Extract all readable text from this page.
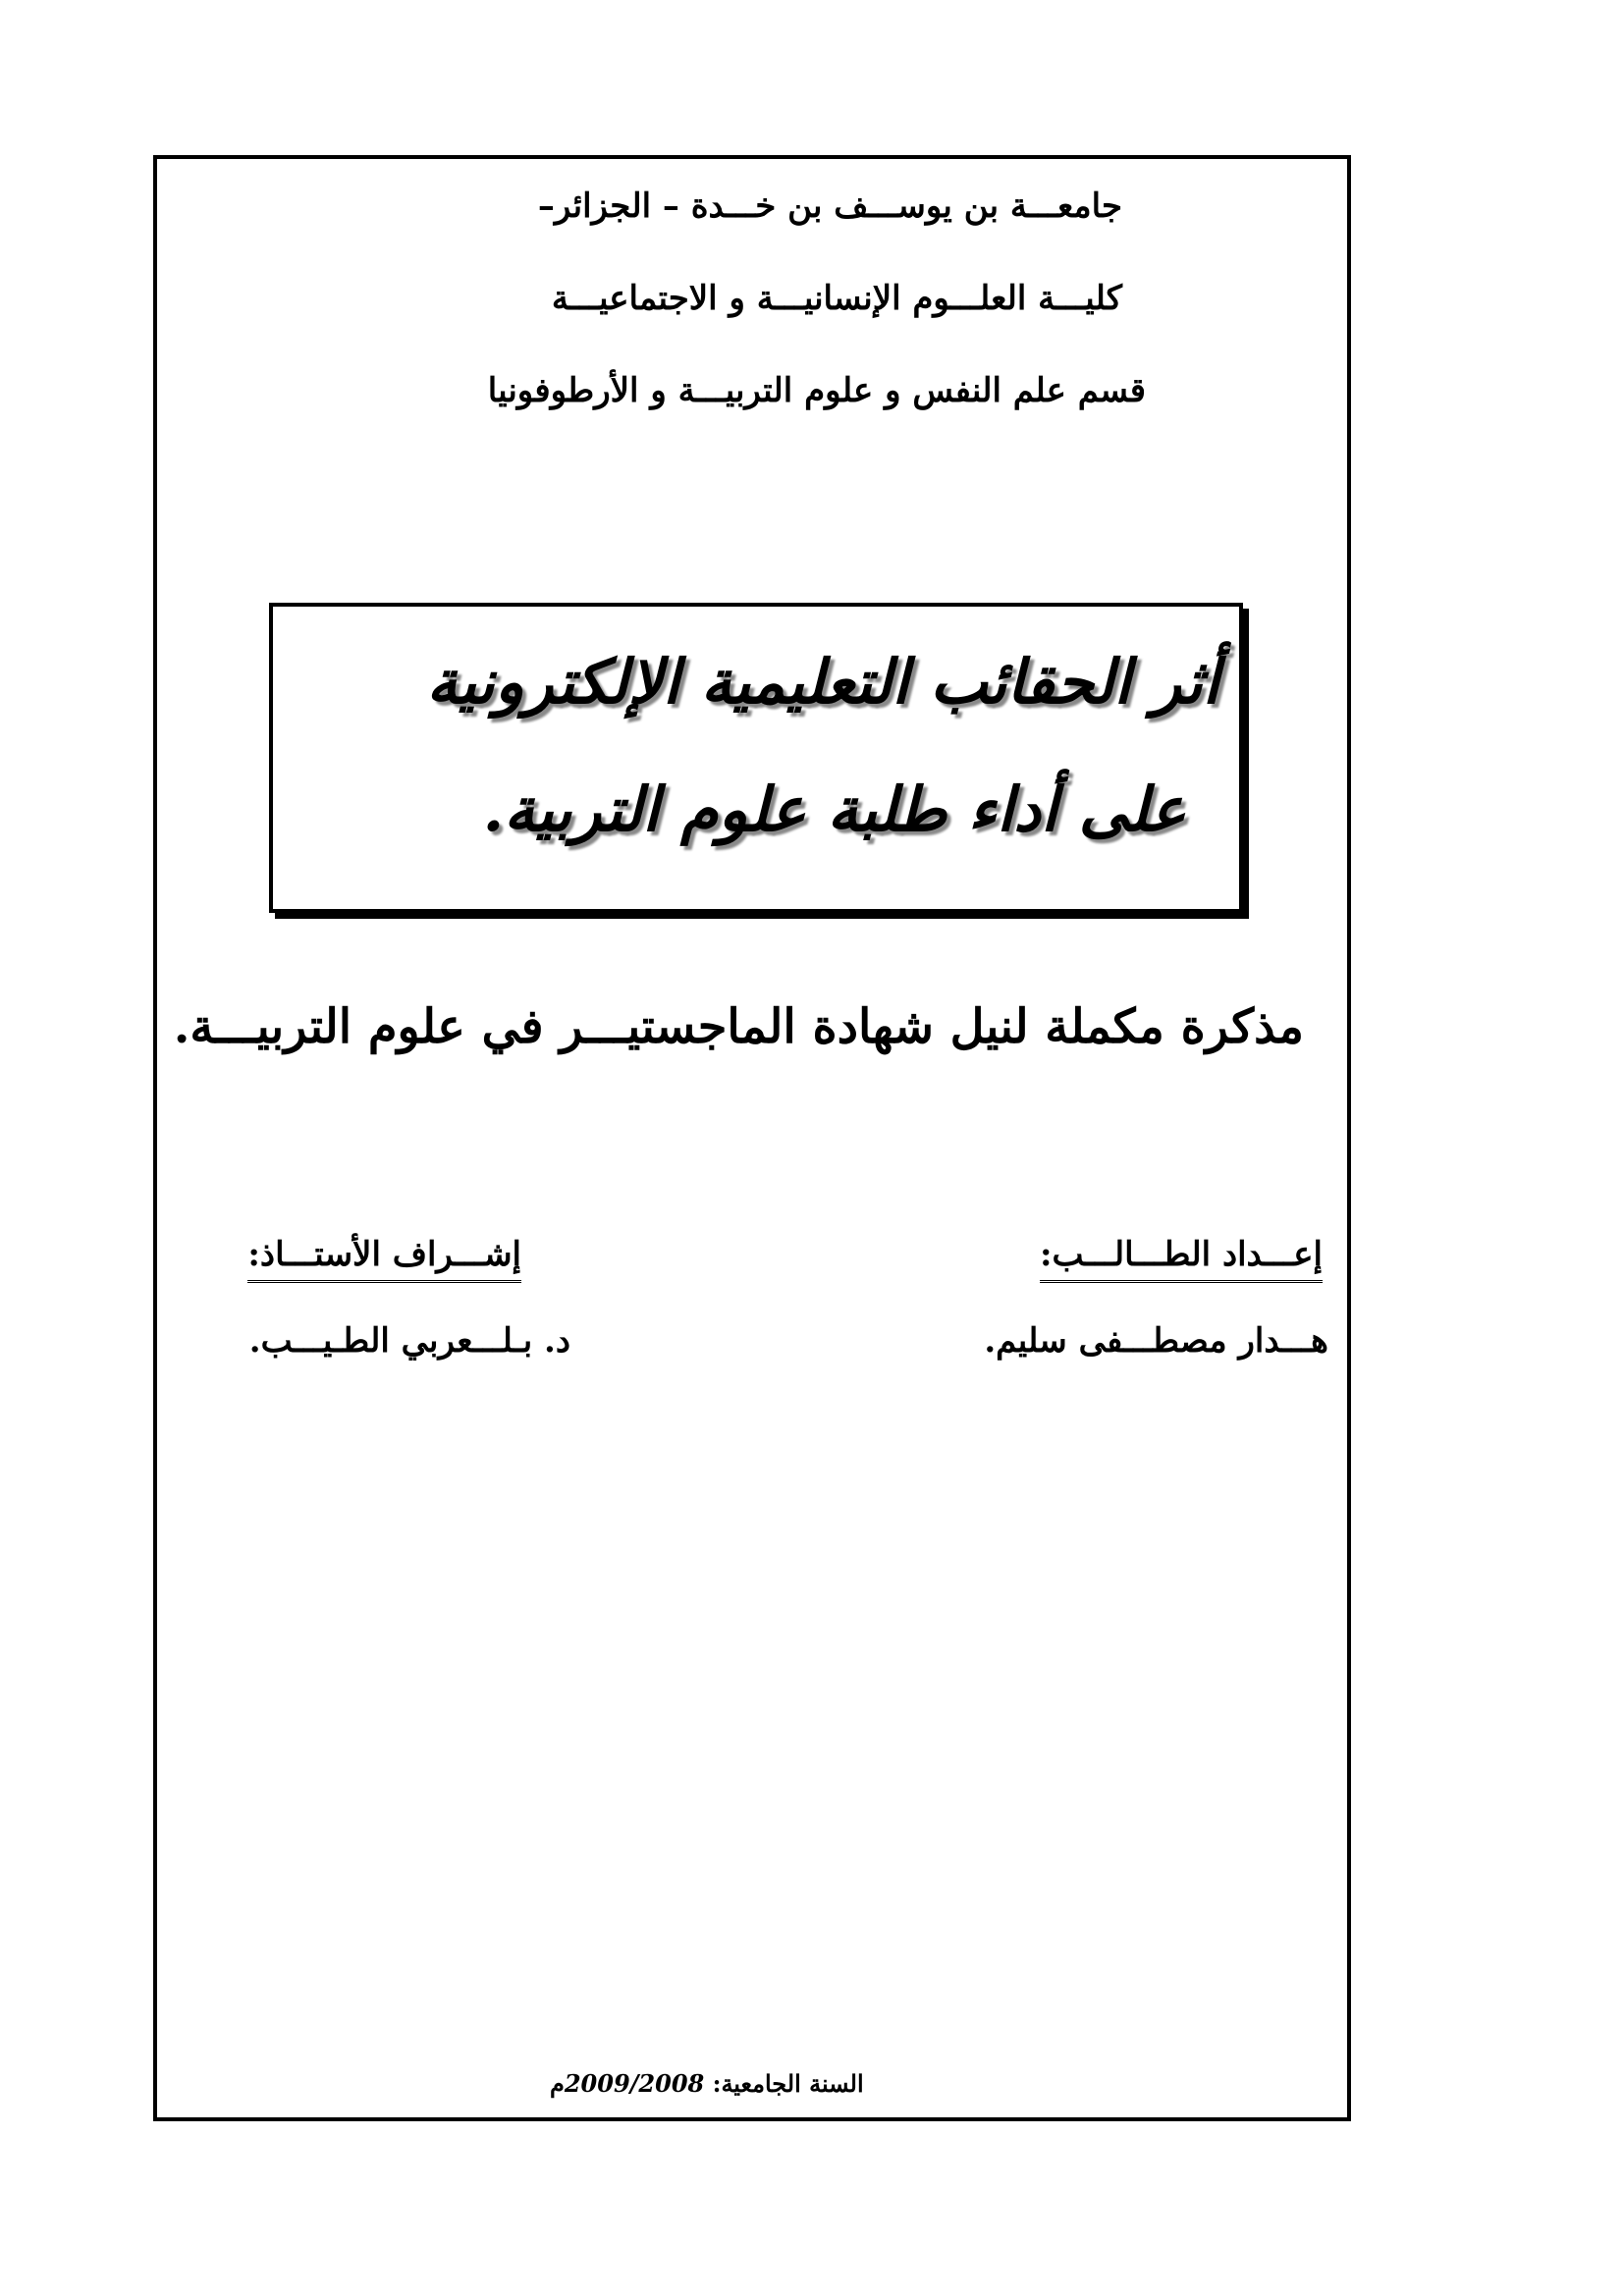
جامعـــة بن يوســـف بن خـــدة – الجزائر–
كليـــة العلـــوم الإنسانيـــة و الاجتماعيـــة
قسم علم النفس و علوم التربيـــة و الأرطوفونيا
أثر الحقائب التعليمية الإلكترونية
على أداء طلبة علوم التربية.
مذكرة مكملة لنيل شهادة الماجستيـــر في علوم التربيـــة.
إعـــداد الطـــالـــب:
إشـــراف الأستـــاذ:
هـــدار مصطـــفى سليم.
د. بـلـــعربي الطـيـــب.
السنة الجامعية: 2009/2008م
